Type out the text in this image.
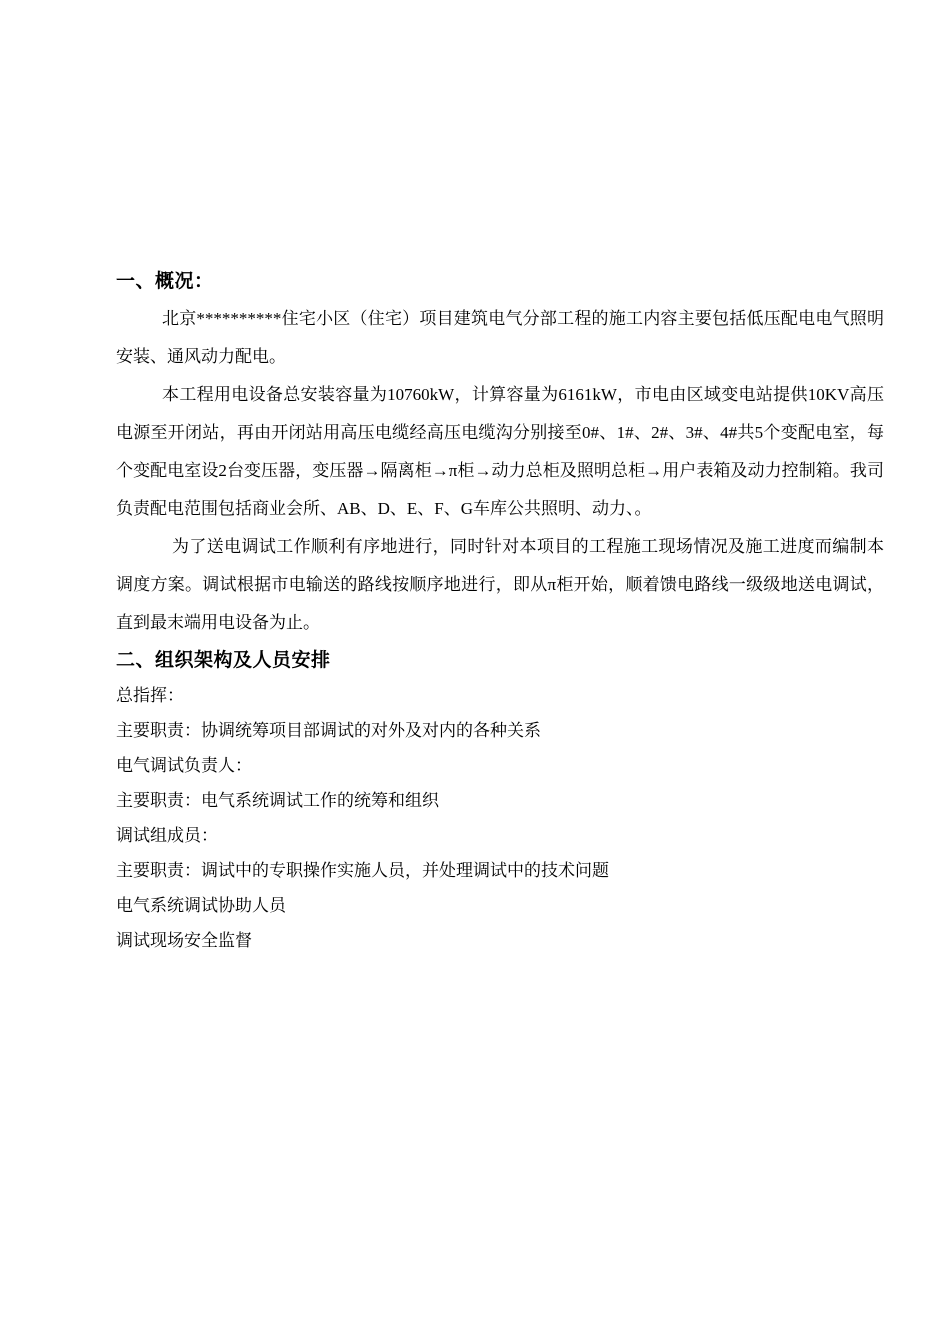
一、概况：

北京**********住宅小区（住宅）项目建筑电气分部工程的施工内容主要包括低压配电电气照明安装、通风动力配电。

本工程用电设备总安装容量为10760kW，计算容量为6161kW，市电由区域变电站提供10KV高压电源至开闭站，再由开闭站用高压电缆经高压电缆沟分别接至0#、1#、2#、3#、4#共5个变配电室，每个变配电室设2台变压器，变压器→隔离柜→π柜→动力总柜及照明总柜→用户表箱及动力控制箱。我司负责配电范围包括商业会所、AB、D、E、F、G车库公共照明、动力、。

为了送电调试工作顺利有序地进行，同时针对本项目的工程施工现场情况及施工进度而编制本调度方案。调试根据市电输送的路线按顺序地进行，即从π柜开始，顺着馈电路线一级级地送电调试，直到最末端用电设备为止。

二、组织架构及人员安排
总指挥：
主要职责：协调统筹项目部调试的对外及对内的各种关系
电气调试负责人：
主要职责：电气系统调试工作的统筹和组织
调试组成员：
主要职责：调试中的专职操作实施人员，并处理调试中的技术问题
电气系统调试协助人员
调试现场安全监督
